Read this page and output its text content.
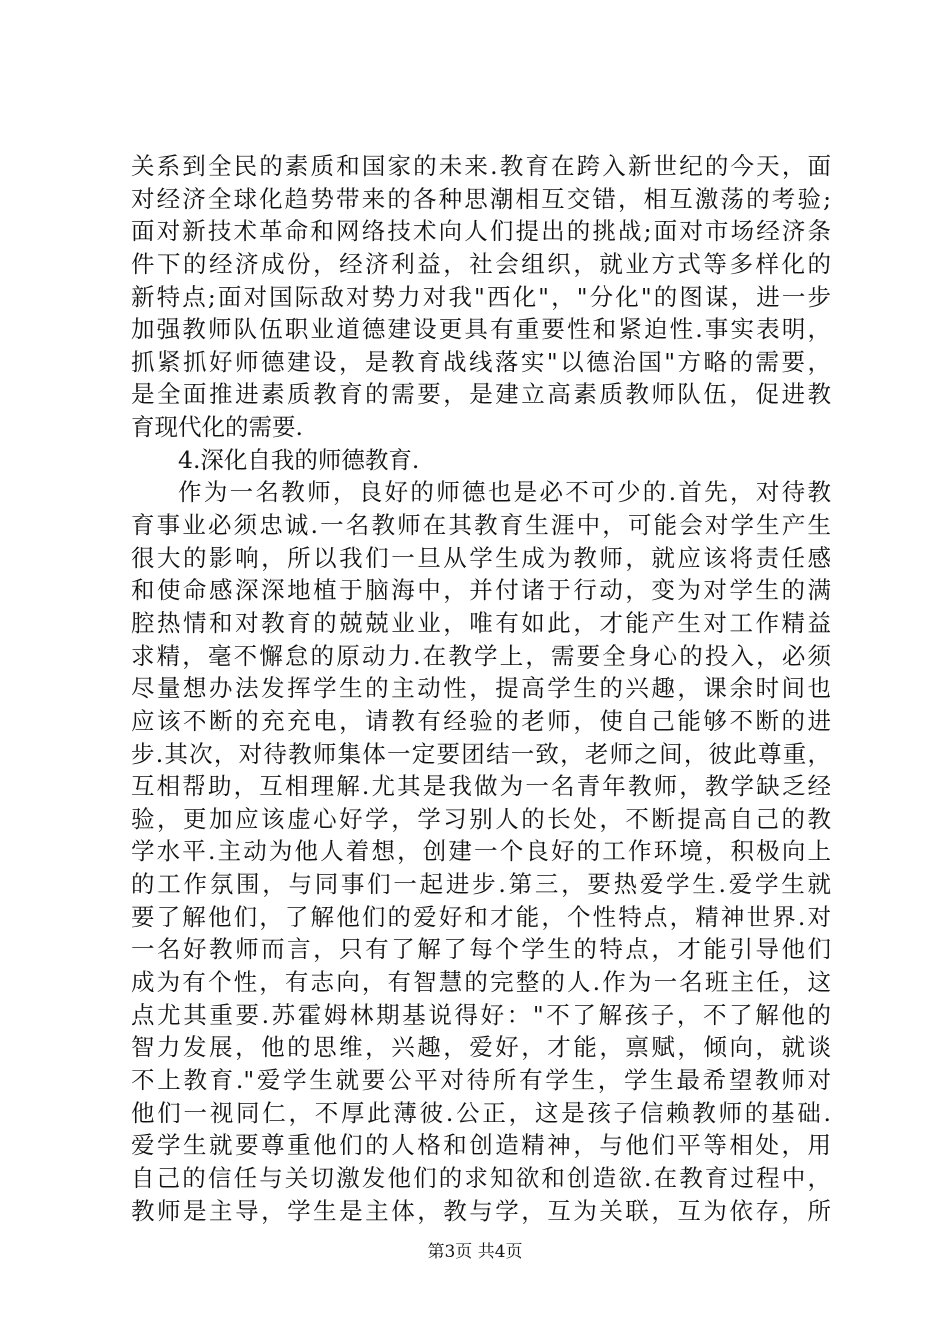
关系到全民的素质和国家的未来.教育在跨入新世纪的今天，面
对经济全球化趋势带来的各种思潮相互交错，相互激荡的考验;
面对新技术革命和网络技术向人们提出的挑战;面对市场经济条
件下的经济成份，经济利益，社会组织，就业方式等多样化的
新特点;面对国际敌对势力对我"西化"，"分化"的图谋，进一步
加强教师队伍职业道德建设更具有重要性和紧迫性.事实表明，
抓紧抓好师德建设，是教育战线落实"以德治国"方略的需要，
是全面推进素质教育的需要，是建立高素质教师队伍，促进教
育现代化的需要.
4.深化自我的师德教育.
作为一名教师，良好的师德也是必不可少的.首先，对待教
育事业必须忠诚.一名教师在其教育生涯中，可能会对学生产生
很大的影响，所以我们一旦从学生成为教师，就应该将责任感
和使命感深深地植于脑海中，并付诸于行动，变为对学生的满
腔热情和对教育的兢兢业业，唯有如此，才能产生对工作精益
求精，毫不懈怠的原动力.在教学上，需要全身心的投入，必须
尽量想办法发挥学生的主动性，提高学生的兴趣，课余时间也
应该不断的充充电，请教有经验的老师，使自己能够不断的进
步.其次，对待教师集体一定要团结一致，老师之间，彼此尊重，
互相帮助，互相理解.尤其是我做为一名青年教师，教学缺乏经
验，更加应该虚心好学，学习别人的长处，不断提高自己的教
学水平.主动为他人着想，创建一个良好的工作环境，积极向上
的工作氛围，与同事们一起进步.第三，要热爱学生.爱学生就
要了解他们，了解他们的爱好和才能，个性特点，精神世界.对
一名好教师而言，只有了解了每个学生的特点，才能引导他们
成为有个性，有志向，有智慧的完整的人.作为一名班主任，这
点尤其重要.苏霍姆林期基说得好："不了解孩子，不了解他的
智力发展，他的思维，兴趣，爱好，才能，禀赋，倾向，就谈
不上教育."爱学生就要公平对待所有学生，学生最希望教师对
他们一视同仁，不厚此薄彼.公正，这是孩子信赖教师的基础.
爱学生就要尊重他们的人格和创造精神，与他们平等相处，用
自己的信任与关切激发他们的求知欲和创造欲.在教育过程中，
教师是主导，学生是主体，教与学，互为关联，互为依存，所
第3页 共4页
